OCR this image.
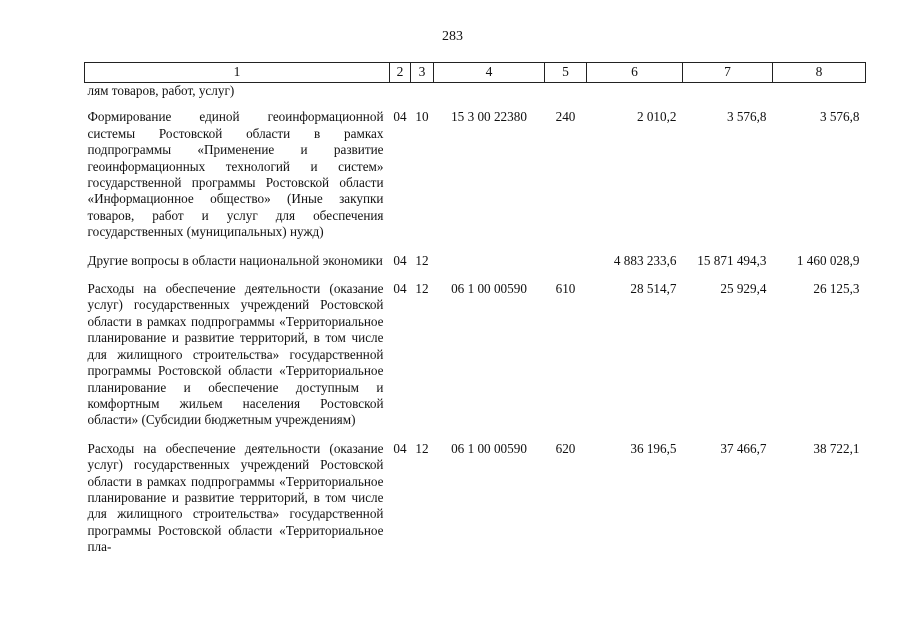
283
1	2	3	4	5	6	7	8
лям товаров, работ, услуг)							
Формирование единой геоинформационной системы Ростовской области в рамках подпрограммы «Применение и развитие геоинформационных технологий и систем» государственной программы Ростовской области «Информационное общество» (Иные закупки товаров, работ и услуг для обеспечения государственных (муниципальных) нужд)	04	10	15 3 00 22380	240	2 010,2	3 576,8	3 576,8
Другие вопросы в области национальной экономики	04	12			4 883 233,6	15 871 494,3	1 460 028,9
Расходы на обеспечение деятельности (оказание услуг) государственных учреждений Ростовской области в рамках подпрограммы «Территориальное планирование и развитие территорий, в том числе для жилищного строительства» государственной программы Ростовской области «Территориальное планирование и обеспечение доступным и комфортным жильем населения Ростовской области» (Субсидии бюджетным учреждениям)	04	12	06 1 00 00590	610	28 514,7	25 929,4	26 125,3
Расходы на обеспечение деятельности (оказание услуг) государственных учреждений Ростовской области в рамках подпрограммы «Территориальное планирование и развитие территорий, в том числе для жилищного строительства» государственной программы Ростовской области «Территориальное пла-	04	12	06 1 00 00590	620	36 196,5	37 466,7	38 722,1
